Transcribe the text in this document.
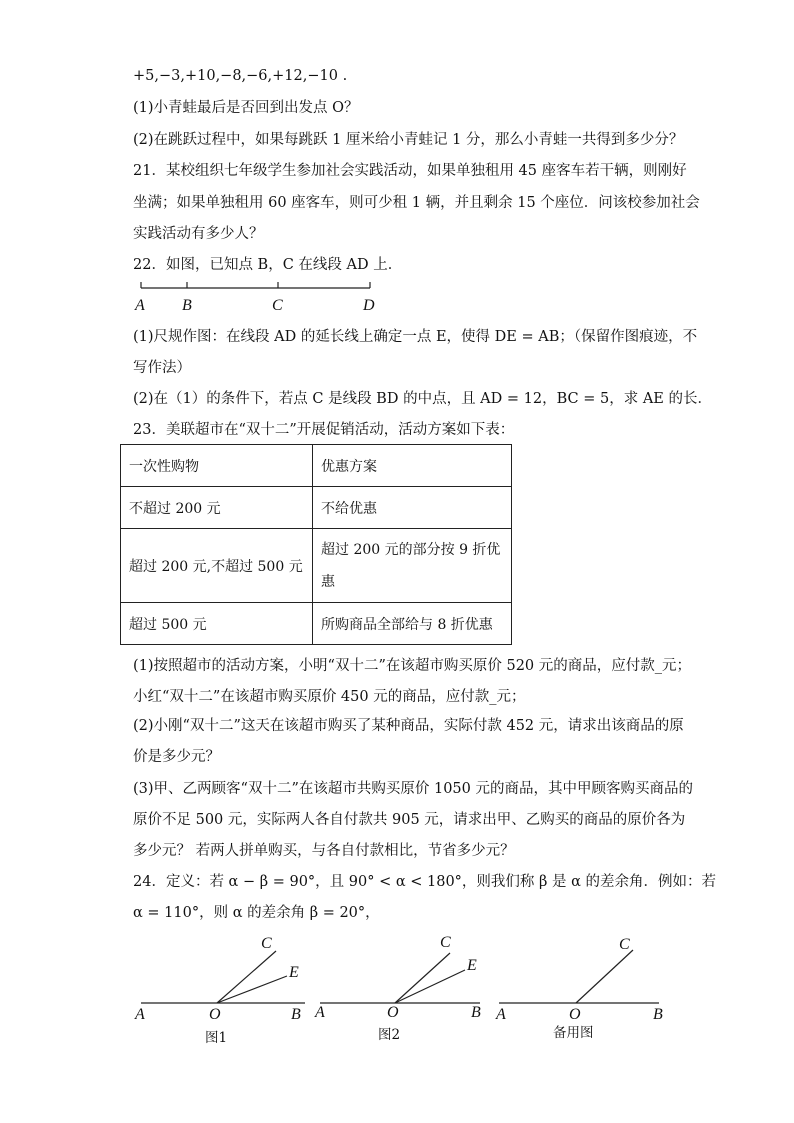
+5,−3,+10,−8,−6,+12,−10 .
(1)小青蛙最后是否回到出发点 O？
(2)在跳跃过程中，如果每跳跃 1 厘米给小青蛙记 1 分，那么小青蛙一共得到多少分？
21．某校组织七年级学生参加社会实践活动，如果单独租用 45 座客车若干辆，则刚好
坐满；如果单独租用 60 座客车，则可少租 1 辆，并且剩余 15 个座位．问该校参加社会
实践活动有多少人？
22．如图，已知点 B，C 在线段 AD 上．
A B	C	D
(1)尺规作图：在线段 AD 的延长线上确定一点 E，使得 DE = AB；（保留作图痕迹，不
写作法）
(2)在（1）的条件下，若点 C 是线段 BD 的中点，且 AD = 12，BC = 5，求 AE 的长．
23．美联超市在“双十二”开展促销活动，活动方案如下表：
一次性购物	优惠方案
不超过 200 元	不给优惠
超过 200 元,不超过 500 元	超过 200 元的部分按 9 折优惠
超过 500 元	所购商品全部给与 8 折优惠
(1)按照超市的活动方案，小明“双十二”在该超市购买原价 520 元的商品，应付款_元；
小红“双十二”在该超市购买原价 450 元的商品，应付款_元；
(2)小刚“双十二”这天在该超市购买了某种商品，实际付款 452 元，请求出该商品的原
价是多少元？
(3)甲、乙两顾客“双十二”在该超市共购买原价 1050 元的商品，其中甲顾客购买商品的
原价不足 500 元，实际两人各自付款共 905 元，请求出甲、乙购买的商品的原价各为
多少元？ 若两人拼单购买，与各自付款相比，节省多少元？
24．定义：若 α − β = 90°，且 90° < α < 180°，则我们称 β 是 α 的差余角．例如：若
α = 110°，则 α 的差余角 β = 20°，
A	O	B
C
E
图1
A	O	B
C
E
图2
A	O	B
C
备用图
